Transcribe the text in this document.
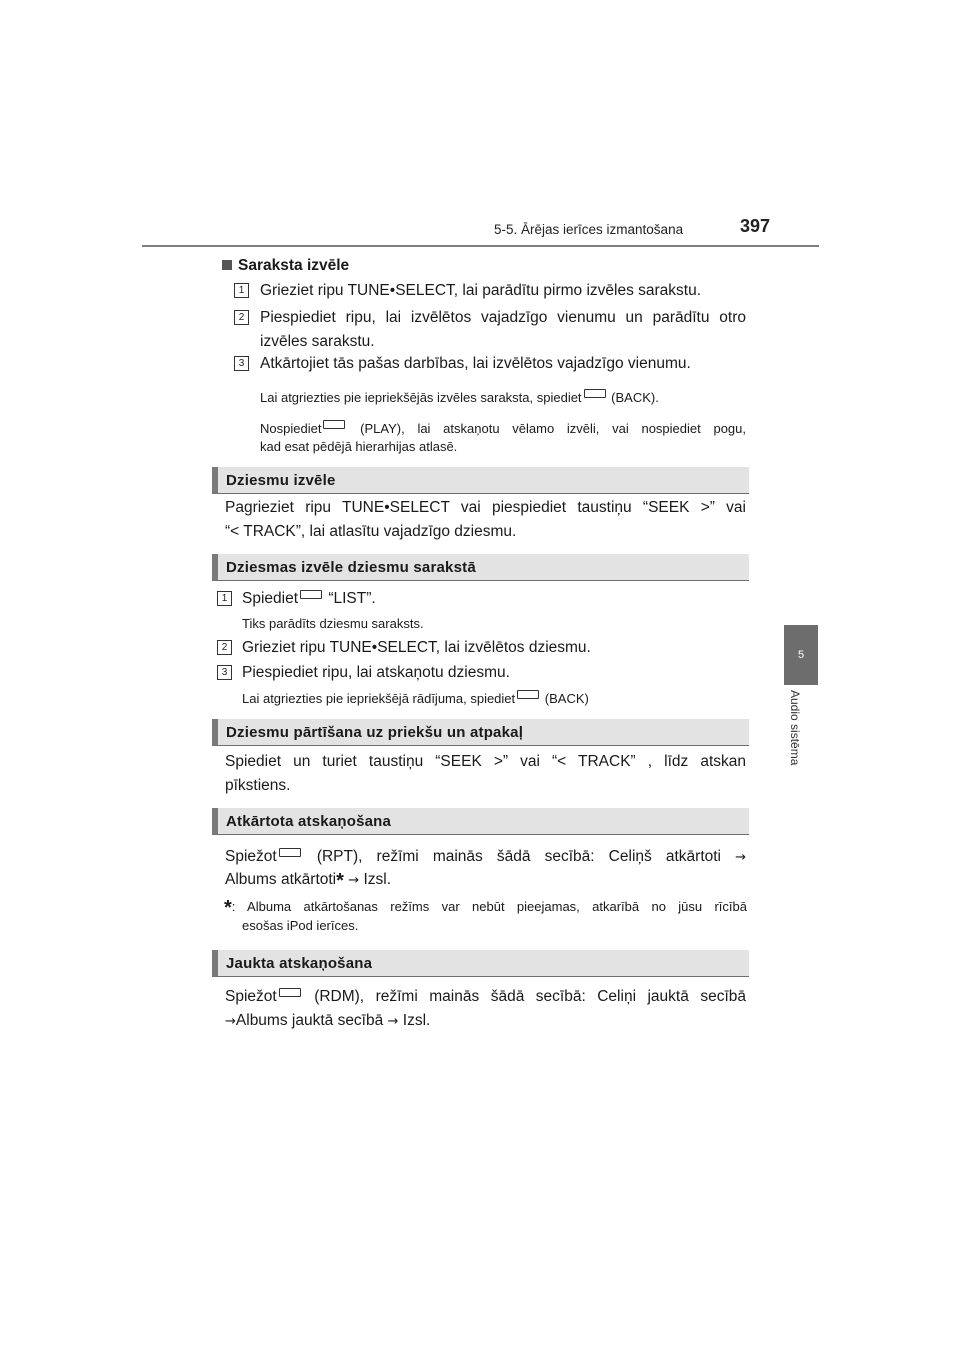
5-5. Ārējas ierīces izmantošana	397
5
Audio sistēma
Saraksta izvēle
1	Grieziet ripu TUNE•SELECT, lai parādītu pirmo izvēles sarakstu.
2	Piespiediet ripu, lai izvēlētos vajadzīgo vienumu un parādītu otro
izvēles sarakstu.
3	Atkārtojiet tās pašas darbības, lai izvēlētos vajadzīgo vienumu.
Lai atgriezties pie iepriekšējās izvēles saraksta, spiediet (BACK).
Nospiediet	(PLAY), lai atskaņotu vēlamo izvēli, vai nospiediet pogu,
kad esat pēdējā hierarhijas atlasē.
Dziesmu izvēle
Pagrieziet ripu TUNE•SELECT vai piespiediet taustiņu “SEEK >” vai
“< TRACK”, lai atlasītu vajadzīgo dziesmu.
Dziesmas izvēle dziesmu sarakstā
1 Spiediet “LIST”.
Tiks parādīts dziesmu saraksts.
2 Grieziet ripu TUNE•SELECT, lai izvēlētos dziesmu.
3 Piespiediet ripu, lai atskaņotu dziesmu.
Lai atgriezties pie iepriekšējā rādījuma, spiediet (BACK)
Dziesmu pārtīšana uz priekšu un atpakaļ
Spiediet un turiet taustiņu “SEEK >” vai “< TRACK” , līdz atskan
pīkstiens.
Atkārtota atskaņošana
Spiežot	(RPT), režīmi mainās šādā secībā: Celiņš atkārtoti →
Albums atkārtoti* → Izsl.
*: Albuma atkārtošanas režīms var nebūt pieejamas, atkarībā no jūsu rīcībā
esošas iPod ierīces.
Jaukta atskaņošana
Spiežot (RDM), režīmi mainās šādā secībā: Celiņi jauktā secībā
→Albums jauktā secībā → Izsl.
